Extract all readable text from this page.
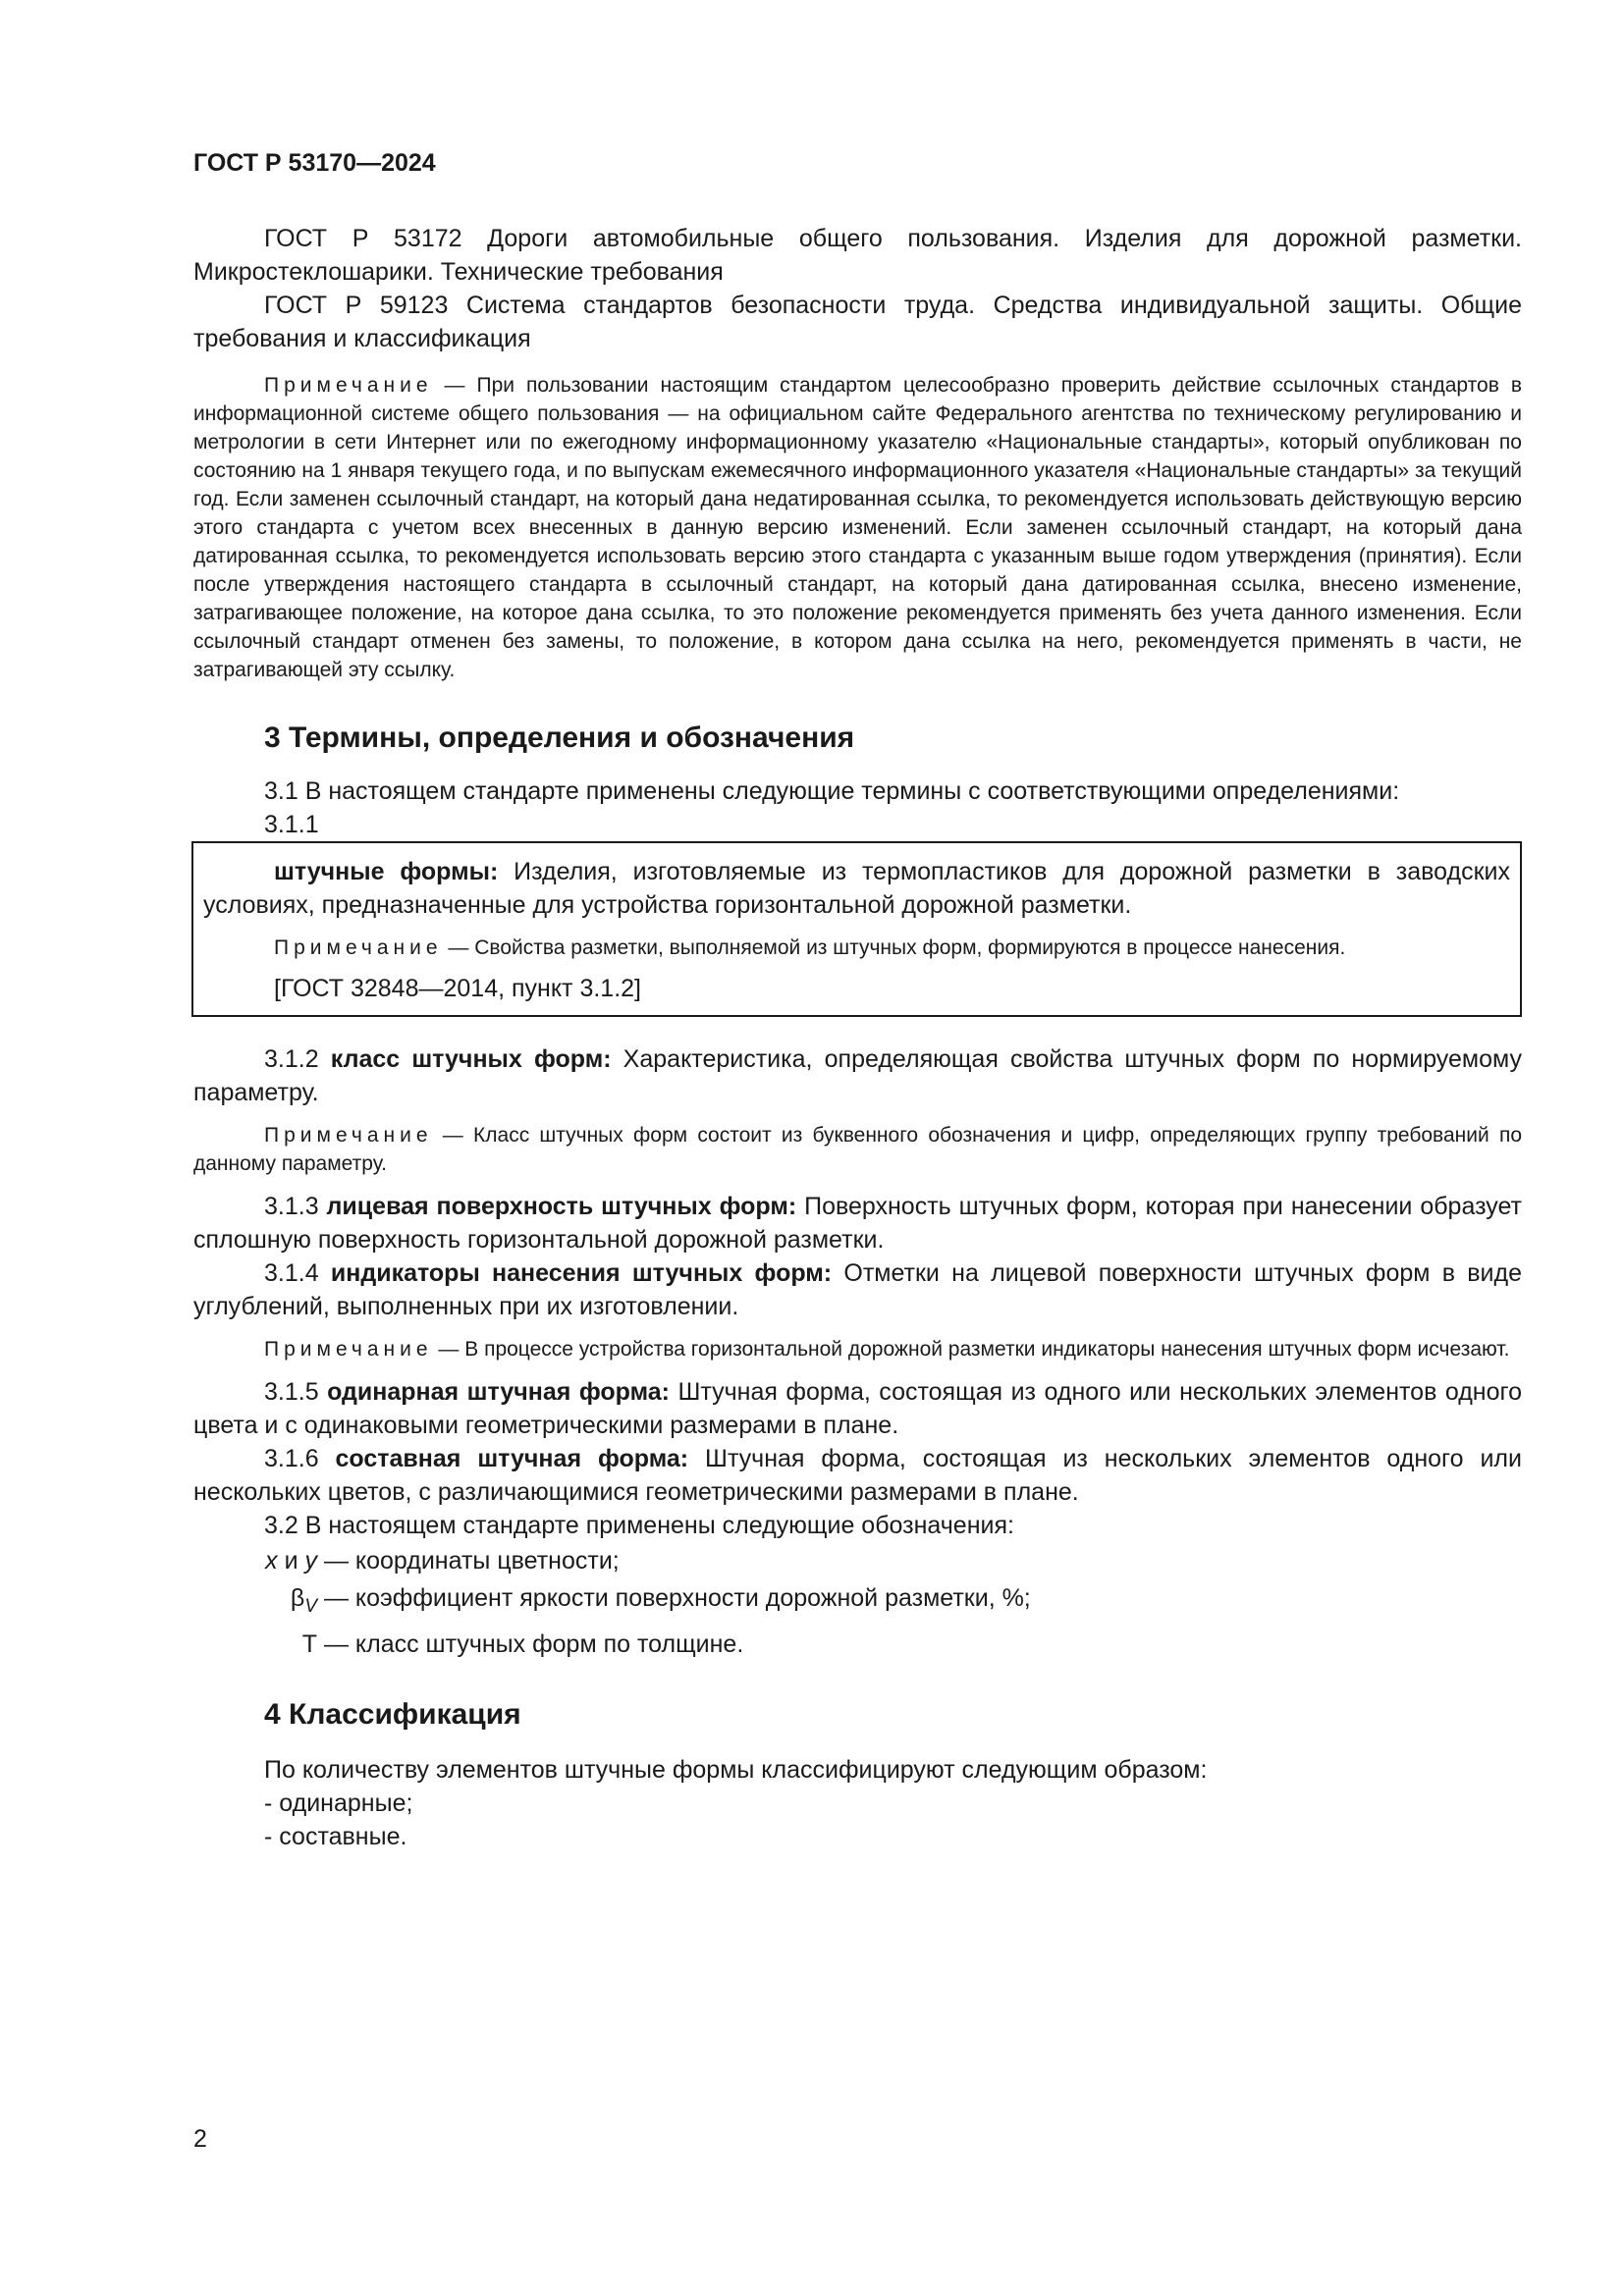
ГОСТ Р 53170—2024

ГОСТ Р 53172 Дороги автомобильные общего пользования. Изделия для дорожной разметки. Микростеклошарики. Технические требования

ГОСТ Р 59123 Система стандартов безопасности труда. Средства индивидуальной защиты. Общие требования и классификация

Примечание — При пользовании настоящим стандартом целесообразно проверить действие ссылочных стандартов в информационной системе общего пользования — на официальном сайте Федерального агентства по техническому регулированию и метрологии в сети Интернет или по ежегодному информационному указателю «Национальные стандарты», который опубликован по состоянию на 1 января текущего года, и по выпускам ежемесячного информационного указателя «Национальные стандарты» за текущий год. Если заменен ссылочный стандарт, на который дана недатированная ссылка, то рекомендуется использовать действующую версию этого стандарта с учетом всех внесенных в данную версию изменений. Если заменен ссылочный стандарт, на который дана датированная ссылка, то рекомендуется использовать версию этого стандарта с указанным выше годом утверждения (принятия). Если после утверждения настоящего стандарта в ссылочный стандарт, на который дана датированная ссылка, внесено изменение, затрагивающее положение, на которое дана ссылка, то это положение рекомендуется применять без учета данного изменения. Если ссылочный стандарт отменен без замены, то положение, в котором дана ссылка на него, рекомендуется применять в части, не затрагивающей эту ссылку.

3 Термины, определения и обозначения

3.1 В настоящем стандарте применены следующие термины с соответствующими определениями:

3.1.1

штучные формы: Изделия, изготовляемые из термопластиков для дорожной разметки в заводских условиях, предназначенные для устройства горизонтальной дорожной разметки.

Примечание — Свойства разметки, выполняемой из штучных форм, формируются в процессе нанесения.

[ГОСТ 32848—2014, пункт 3.1.2]

3.1.2 класс штучных форм: Характеристика, определяющая свойства штучных форм по нормируемому параметру.

Примечание — Класс штучных форм состоит из буквенного обозначения и цифр, определяющих группу требований по данному параметру.

3.1.3 лицевая поверхность штучных форм: Поверхность штучных форм, которая при нанесении образует сплошную поверхность горизонтальной дорожной разметки.

3.1.4 индикаторы нанесения штучных форм: Отметки на лицевой поверхности штучных форм в виде углублений, выполненных при их изготовлении.

Примечание — В процессе устройства горизонтальной дорожной разметки индикаторы нанесения штучных форм исчезают.

3.1.5 одинарная штучная форма: Штучная форма, состоящая из одного или нескольких элементов одного цвета и с одинаковыми геометрическими размерами в плане.

3.1.6 составная штучная форма: Штучная форма, состоящая из нескольких элементов одного или нескольких цветов, с различающимися геометрическими размерами в плане.

3.2 В настоящем стандарте применены следующие обозначения:

x и y — координаты цветности;
$\beta_V$ — коэффициент яркости поверхности дорожной разметки, %;
Т — класс штучных форм по толщине.
4 Классификация

По количеству элементов штучные формы классифицируют следующим образом:

- одинарные;

- составные.

2
